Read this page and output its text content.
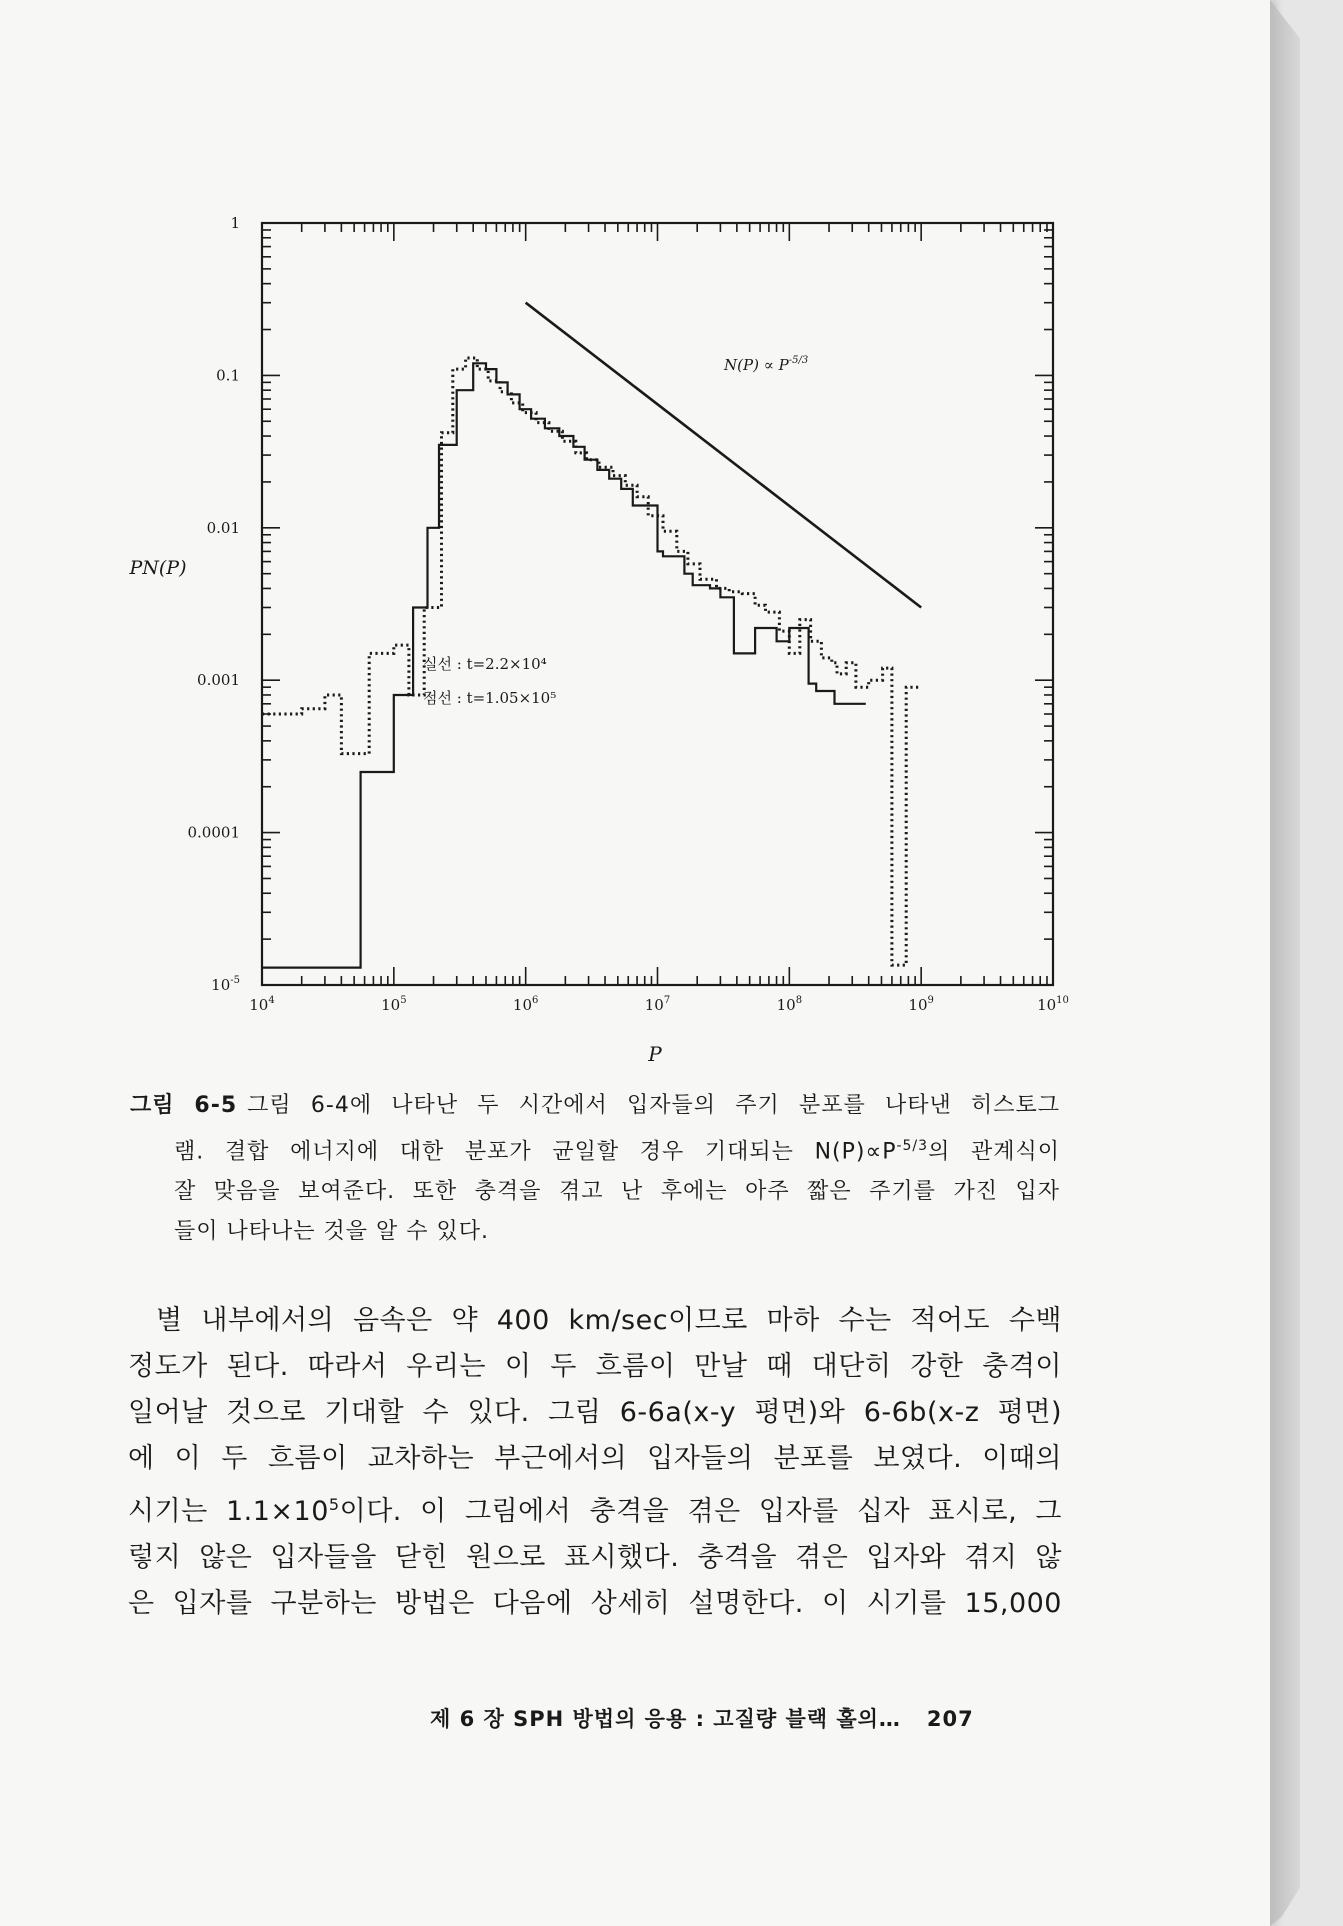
$10^4$	$10^5$	$10^6$	$10^7$	$10^8$	$10^9$	$10^{10}$
1
0.1
0.01
0.001
0.0001
$10^{-5}$
PN(P)
P
$N(P) \propto P^{-5/3}$
실선 : t=2.2×10⁴
점선 : t=1.05×10⁵
그림 6-5 그림 6-4에 나타난 두 시간에서 입자들의 주기 분포를 나타낸 히스토그
램. 결합 에너지에 대한 분포가 균일할 경우 기대되는 $N(P)\propto P^{-5/3}$의 관계식이
잘 맞음을 보여준다. 또한 충격을 겪고 난 후에는 아주 짧은 주기를 가진 입자
들이 나타나는 것을 알 수 있다.
별 내부에서의 음속은 약 400 km/sec이므로 마하 수는 적어도 수백
정도가 된다. 따라서 우리는 이 두 흐름이 만날 때 대단히 강한 충격이
일어날 것으로 기대할 수 있다. 그림 6-6a(x-y 평면)와 6-6b(x-z 평면)
에 이 두 흐름이 교차하는 부근에서의 입자들의 분포를 보였다. 이때의
시기는 $1.1\times 10^5$이다. 이 그림에서 충격을 겪은 입자를 십자 표시로, 그
렇지 않은 입자들을 닫힌 원으로 표시했다. 충격을 겪은 입자와 겪지 않
은 입자를 구분하는 방법은 다음에 상세히 설명한다. 이 시기를 15,000
제 6 장 SPH 방법의 응용 : 고질량 블랙 홀의… 207
